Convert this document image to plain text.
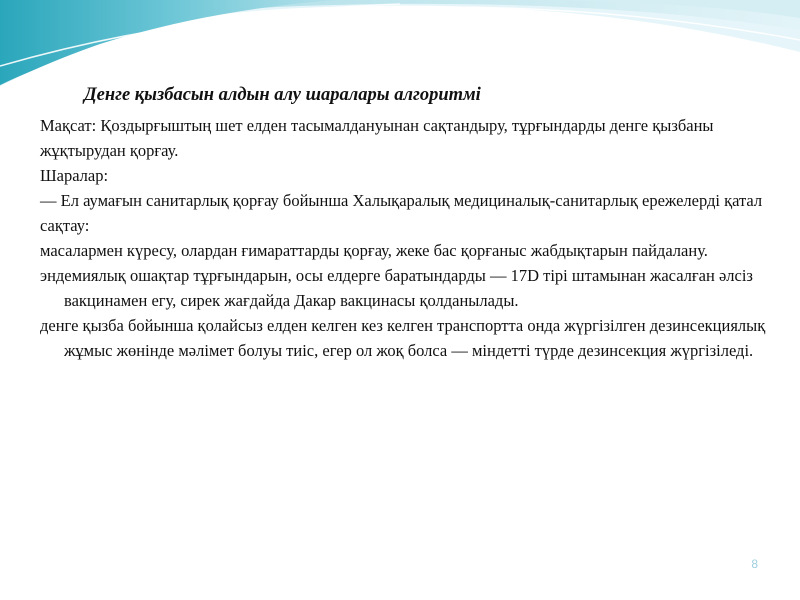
Денге қызбасын алдын алу шаралары алгоритмі

Мақсат: Қоздырғыштың шет елден тасымалдануынан сақтандыру, тұрғындарды денге қызбаны жұқтырудан қорғау.

Шаралар:

— Ел аумағын санитарлық қорғау бойынша Халықаралық медициналық-санитарлық ережелерді қатал сақтау:

масалармен күресу, олардан ғимараттарды қорғау, жеке бас қорғаныс жабдықтарын пайдалану.

эндемиялық ошақтар тұрғындарын, осы елдерге баратындарды — 17D тірі штамынан жасалған әлсіз вакцинамен егу, сирек жағдайда Дакар вакцинасы қолданылады.

денге қызба бойынша қолайсыз елден келген кез келген транспортта онда жүргізілген дезинсекциялық жұмыс жөнінде мәлімет болуы тиіс, егер ол жоқ болса — міндетті түрде дезинсекция жүргізіледі.

8
